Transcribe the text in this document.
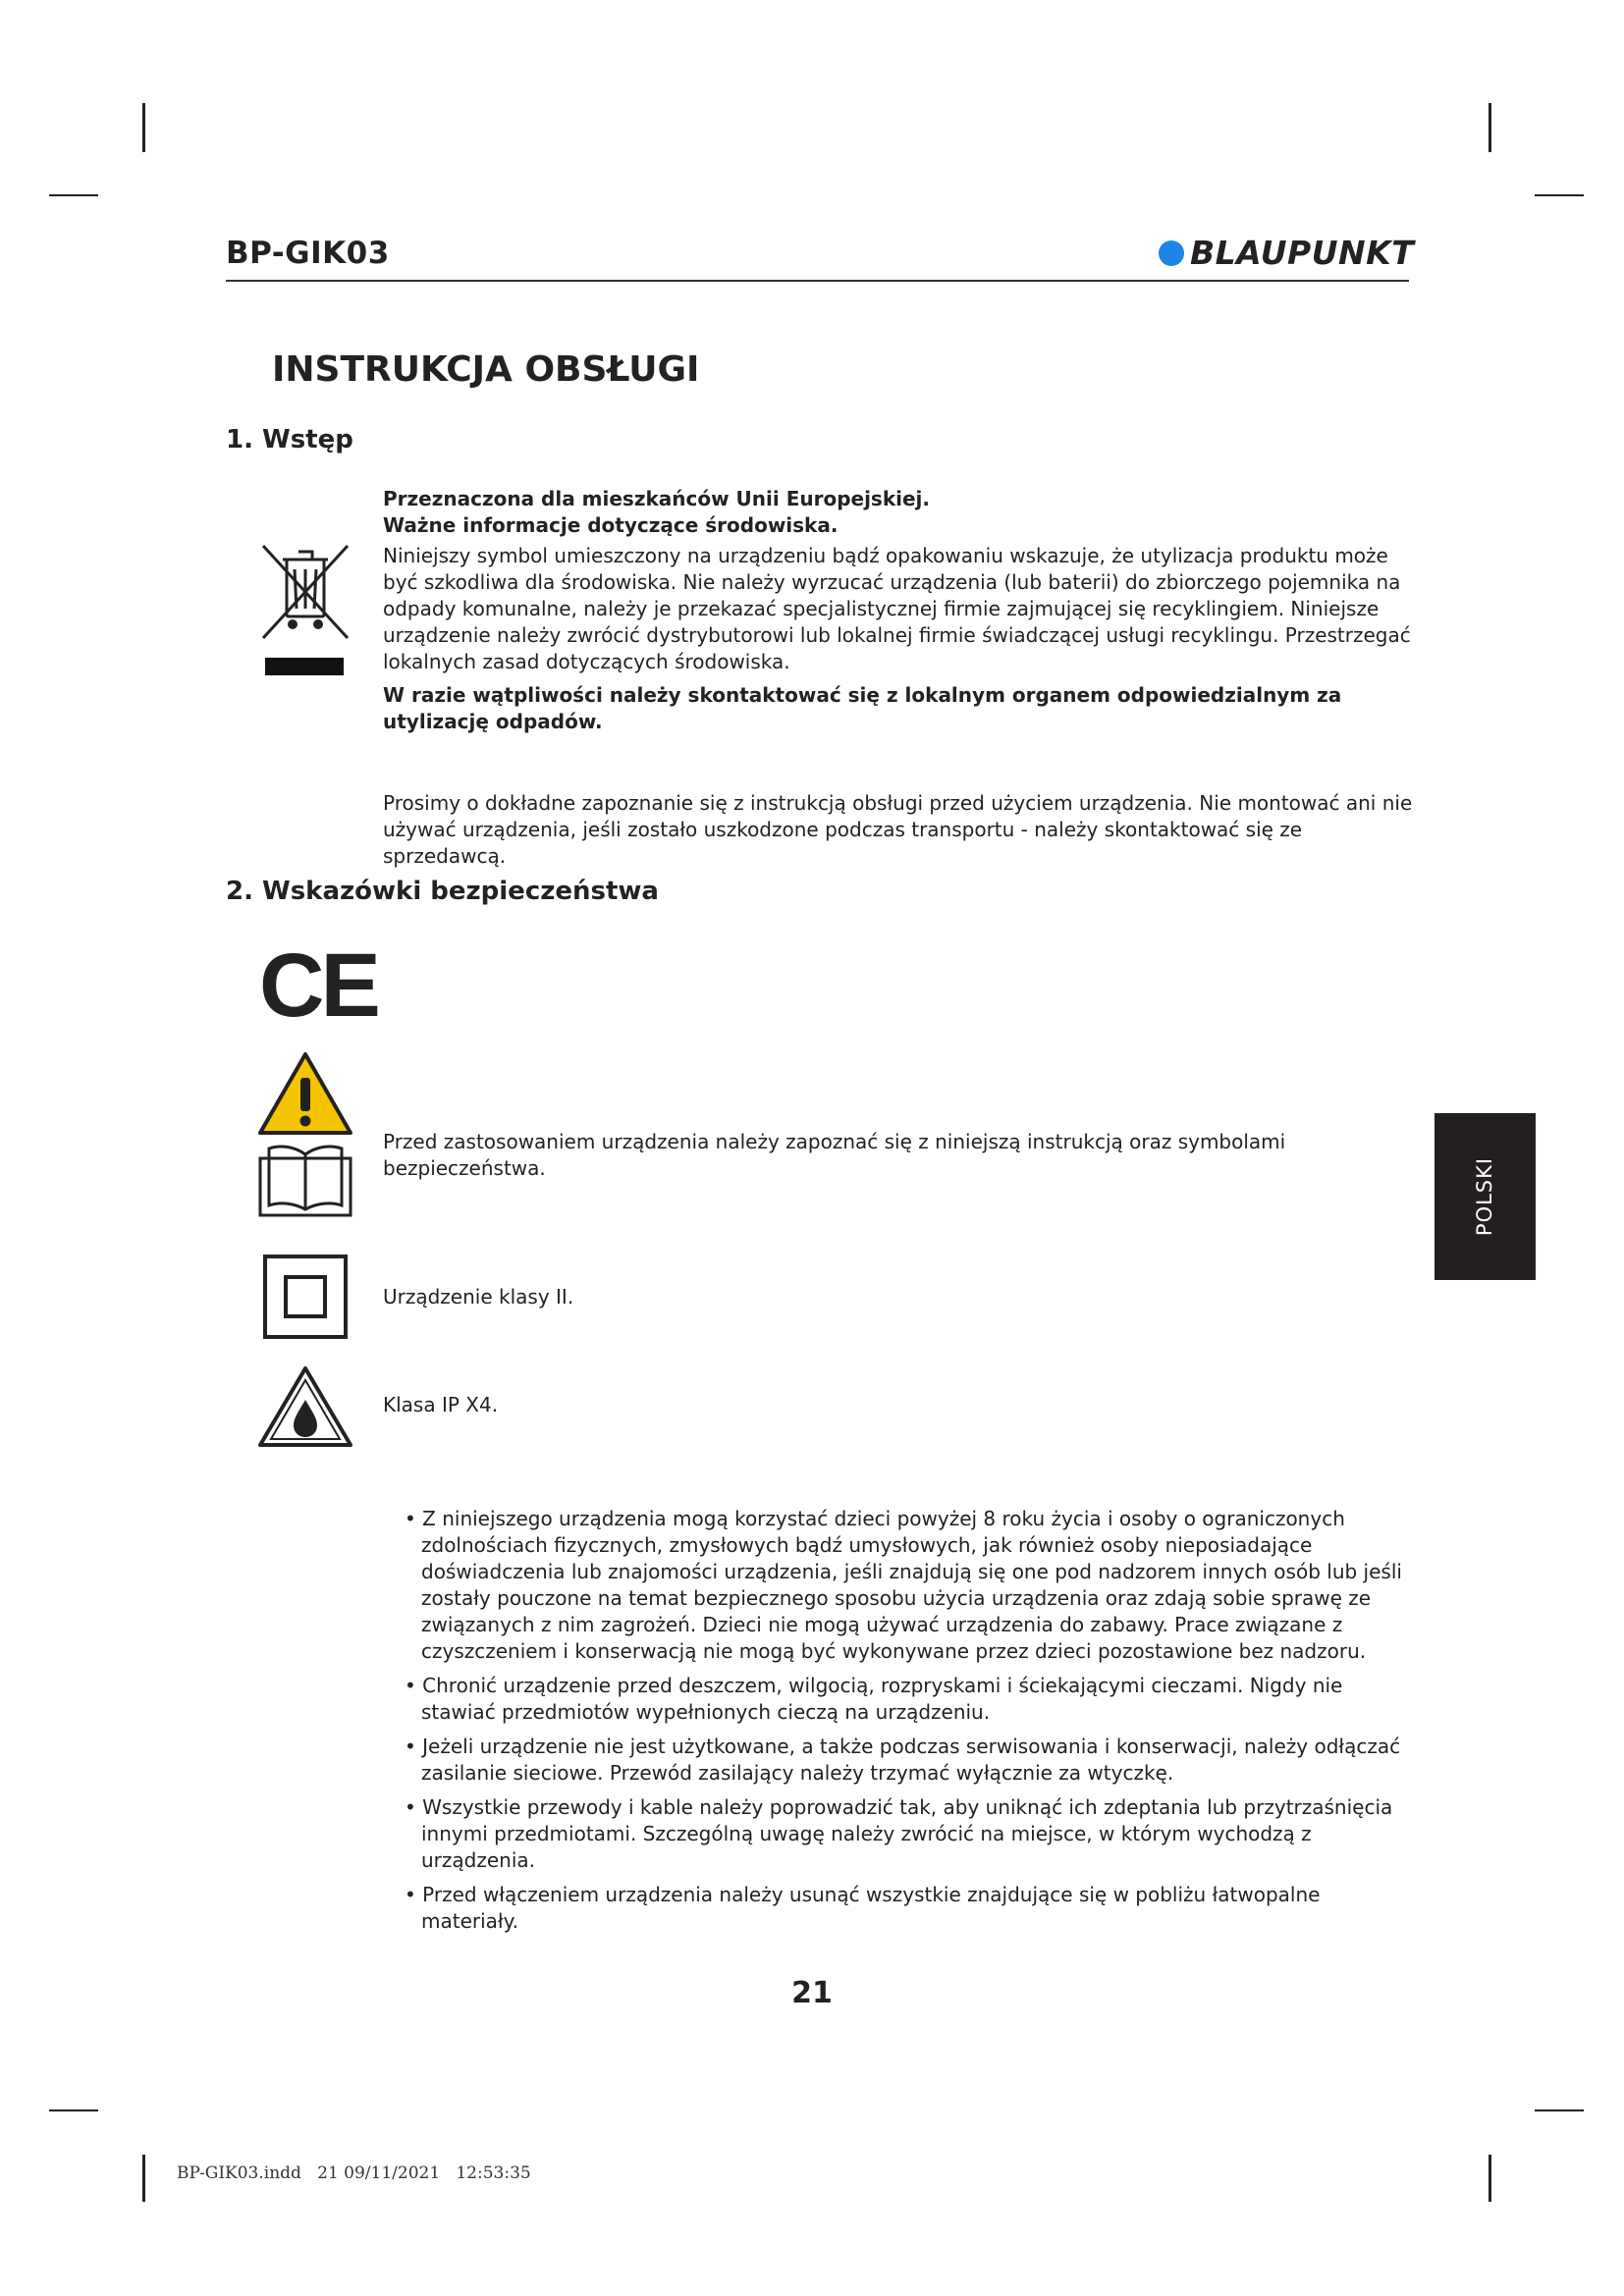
BP-GIK03	BLAUPUNKT
INSTRUKCJA OBSŁUGI
1. Wstęp
Przeznaczona dla mieszkańców Unii Europejskiej.
Ważne informacje dotyczące środowiska.
Niniejszy symbol umieszczony na urządzeniu bądź opakowaniu wskazuje, że utylizacja produktu może być szkodliwa dla środowiska. Nie należy wyrzucać urządzenia (lub baterii) do zbiorczego pojemnika na odpady komunalne, należy je przekazać specjalistycznej firmie zajmującej się recyklingiem. Niniejsze urządzenie należy zwrócić dystrybutorowi lub lokalnej firmie świadczącej usługi recyklingu. Przestrzegać lokalnych zasad dotyczących środowiska.
W razie wątpliwości należy skontaktować się z lokalnym organem odpowiedzialnym za utylizację odpadów.
Prosimy o dokładne zapoznanie się z instrukcją obsługi przed użyciem urządzenia. Nie montować ani nie używać urządzenia, jeśli zostało uszkodzone podczas transportu - należy skontaktować się ze sprzedawcą.
2. Wskazówki bezpieczeństwa
CE
Przed zastosowaniem urządzenia należy zapoznać się z niniejszą instrukcją oraz symbolami bezpieczeństwa.
Urządzenie klasy II.
Klasa IP X4.
• Z niniejszego urządzenia mogą korzystać dzieci powyżej 8 roku życia i osoby o ograniczonych zdolnościach fizycznych, zmysłowych bądź umysłowych, jak również osoby nieposiadające doświadczenia lub znajomości urządzenia, jeśli znajdują się one pod nadzorem innych osób lub jeśli zostały pouczone na temat bezpiecznego sposobu użycia urządzenia oraz zdają sobie sprawę ze związanych z nim zagrożeń. Dzieci nie mogą używać urządzenia do zabawy. Prace związane z czyszczeniem i konserwacją nie mogą być wykonywane przez dzieci pozostawione bez nadzoru.
• Chronić urządzenie przed deszczem, wilgocią, rozpryskami i ściekającymi cieczami. Nigdy nie stawiać przedmiotów wypełnionych cieczą na urządzeniu.
• Jeżeli urządzenie nie jest użytkowane, a także podczas serwisowania i konserwacji, należy odłączać zasilanie sieciowe. Przewód zasilający należy trzymać wyłącznie za wtyczkę.
• Wszystkie przewody i kable należy poprowadzić tak, aby uniknąć ich zdeptania lub przytrzaśnięcia innymi przedmiotami. Szczególną uwagę należy zwrócić na miejsce, w którym wychodzą z urządzenia.
• Przed włączeniem urządzenia należy usunąć wszystkie znajdujące się w pobliżu łatwopalne materiały.
POLSKI
21
BP-GIK03.indd   21 09/11/2021   12:53:35
